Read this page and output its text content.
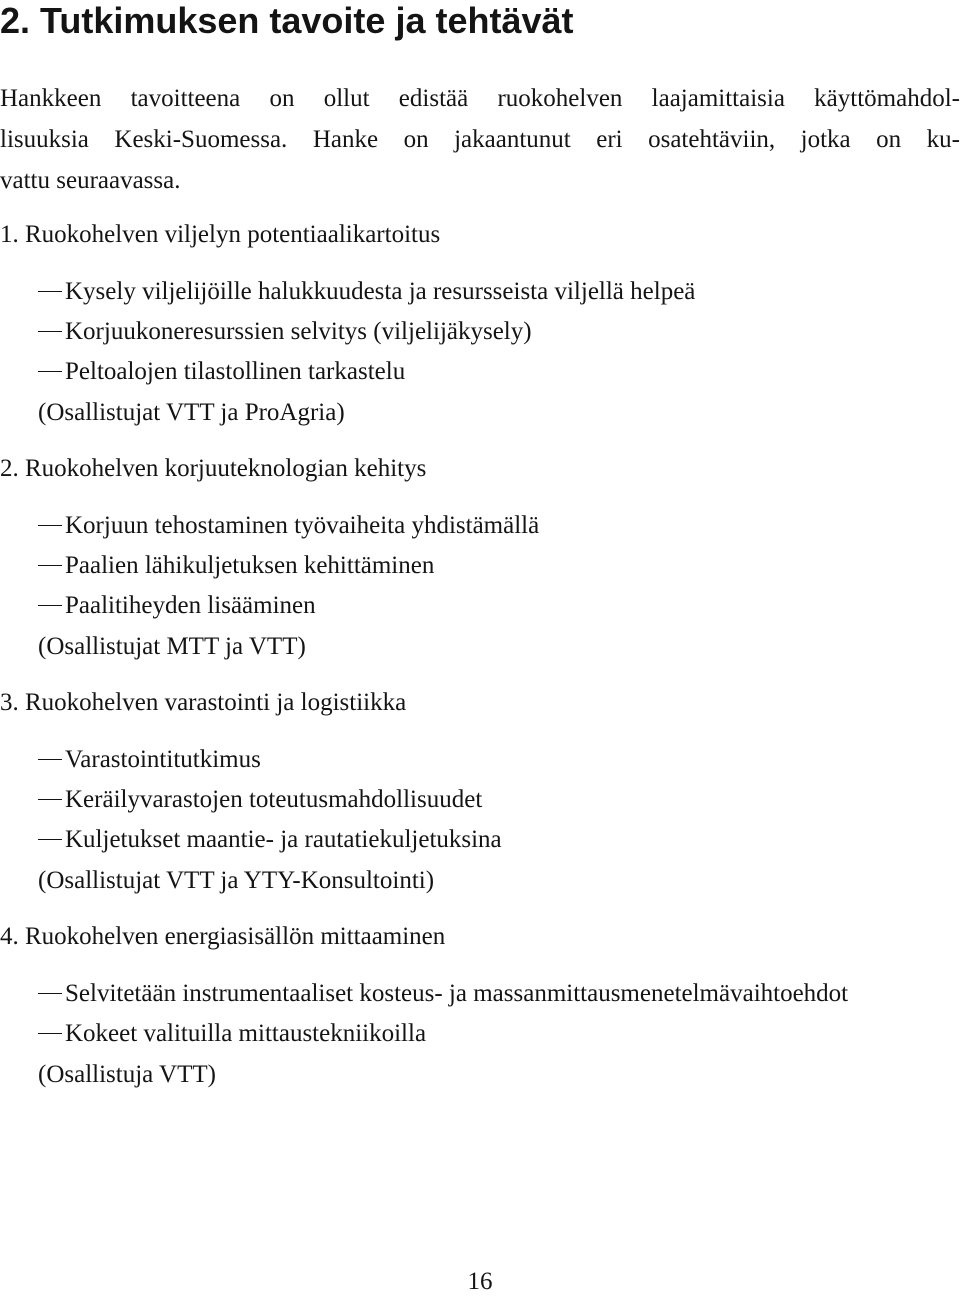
2. Tutkimuksen tavoite ja tehtävät

Hankkeen tavoitteena on ollut edistää ruokohelven laajamittaisia käyttömahdol-
lisuuksia Keski-Suomessa. Hanke on jakaantunut eri osatehtäviin, jotka on ku-
vattu seuraavassa.

1. Ruokohelven viljelyn potentiaalikartoitus

Kysely viljelijöille halukkuudesta ja resursseista viljellä helpeä

Korjuukoneresurssien selvitys (viljelijäkysely)

Peltoalojen tilastollinen tarkastelu

(Osallistujat VTT ja ProAgria)

2. Ruokohelven korjuuteknologian kehitys

Korjuun tehostaminen työvaiheita yhdistämällä

Paalien lähikuljetuksen kehittäminen

Paalitiheyden lisääminen

(Osallistujat MTT ja VTT)

3. Ruokohelven varastointi ja logistiikka

Varastointitutkimus

Keräilyvarastojen toteutusmahdollisuudet

Kuljetukset maantie- ja rautatiekuljetuksina

(Osallistujat VTT ja YTY-Konsultointi)

4. Ruokohelven energiasisällön mittaaminen

Selvitetään instrumentaaliset kosteus- ja massanmittausmenetelmävaihtoehdot

Kokeet valituilla mittaustekniikoilla

(Osallistuja VTT)

16
